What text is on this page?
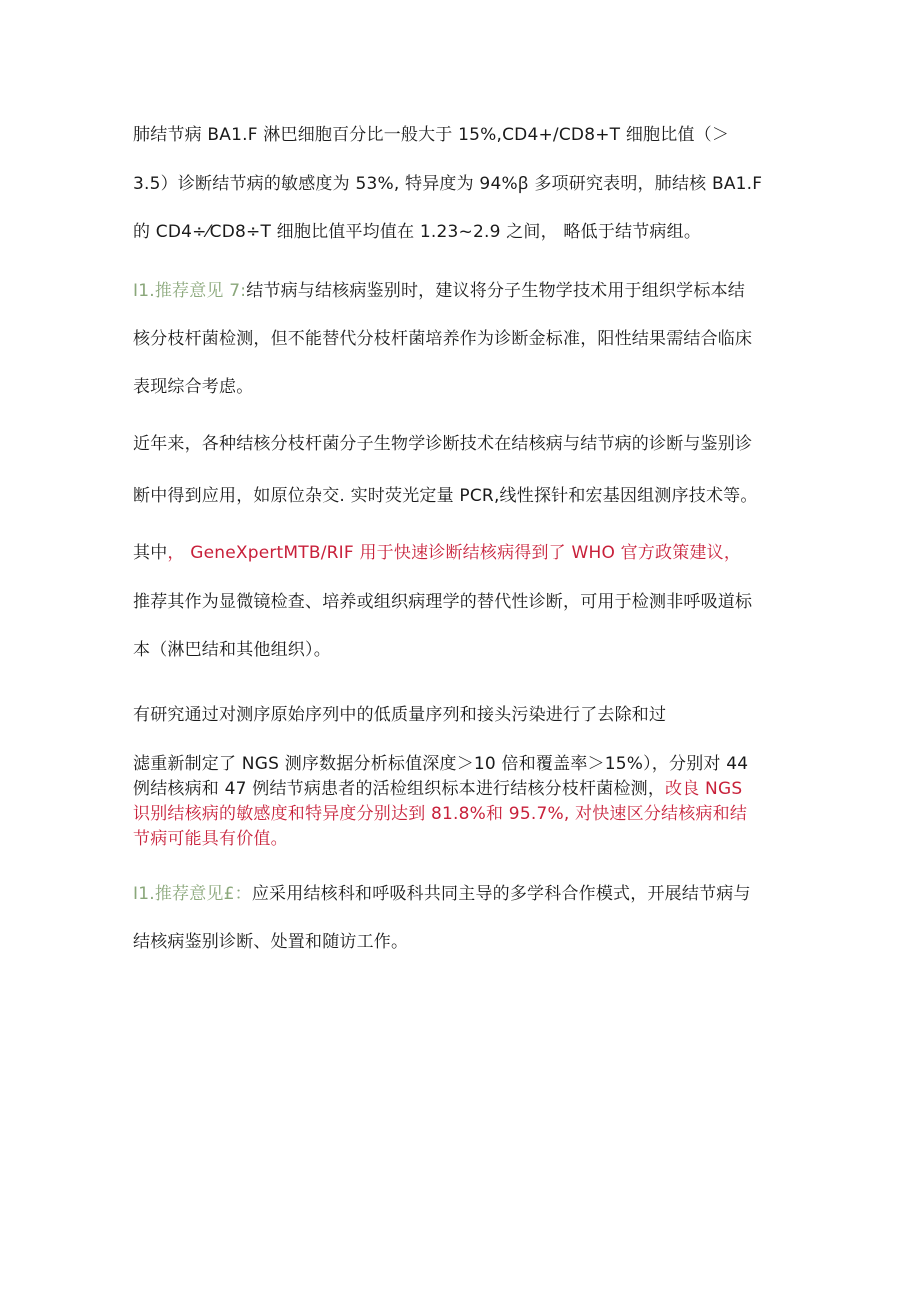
肺结节病 BA1.F 淋巴细胞百分比一般大于 15%,CD4+/CD8+T 细胞比值（＞
3.5）诊断结节病的敏感度为 53%, 特异度为 94%ꞵ 多项研究表明，肺结核 BA1.F
的 CD4÷⁄CD8÷T 细胞比值平均值在 1.23~2.9 之间， 略低于结节病组。
I1.推荐意见 7:结节病与结核病鉴别时，建议将分子生物学技术用于组织学标本结
核分枝杆菌检测，但不能替代分枝杆菌培养作为诊断金标准，阳性结果需结合临床
表现综合考虑。
近年来，各种结核分枝杆菌分子生物学诊断技术在结核病与结节病的诊断与鉴别诊
断中得到应用，如原位杂交. 实时荧光定量 PCR,线性探针和宏基因组测序技术等。
其中， GeneXpertMTB/RIF 用于快速诊断结核病得到了 WHO 官方政策建议，
推荐其作为显微镜检查、培养或组织病理学的替代性诊断，可用于检测非呼吸道标
本（淋巴结和其他组织）。
有研究通过对测序原始序列中的低质量序列和接头污染进行了去除和过
滤重新制定了 NGS 测序数据分析标值深度＞10 倍和覆盖率＞15%），分别对 44
例结核病和 47 例结节病患者的活检组织标本进行结核分枝杆菌检测，改良 NGS
识别结核病的敏感度和特异度分别达到 81.8%和 95.7%, 对快速区分结核病和结
节病可能具有价值。
I1.推荐意见£：应采用结核科和呼吸科共同主导的多学科合作模式，开展结节病与
结核病鉴别诊断、处置和随访工作。
